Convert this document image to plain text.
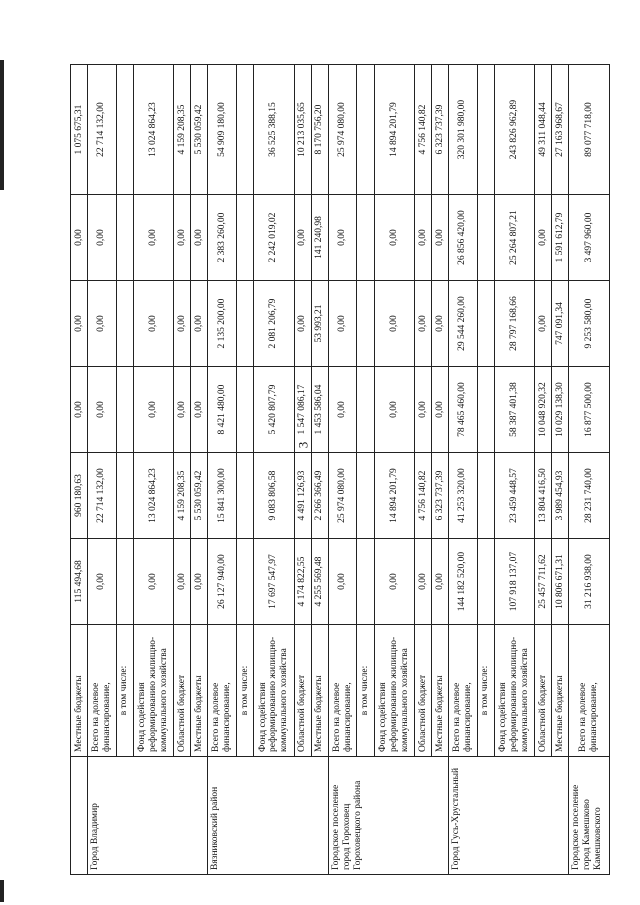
3
	Местные бюджеты	115 494,68	960 180,63	0,00	0,00	0,00	1 075 675,31
Город Владимир	Всего на долевое финансирование,	0,00	22 714 132,00	0,00	0,00	0,00	22 714 132,00
	в том числе:						
	Фонд содействия реформированию жилищно-коммунального хозяйства	0,00	13 024 864,23	0,00	0,00	0,00	13 024 864,23
	Областной бюджет	0,00	4 159 208,35	0,00	0,00	0,00	4 159 208,35
	Местные бюджеты	0,00	5 530 059,42	0,00	0,00	0,00	5 530 059,42
Вязниковский район	Всего на долевое финансирование,	26 127 940,00	15 841 300,00	8 421 480,00	2 135 200,00	2 383 260,00	54 909 180,00
	в том числе:						
	Фонд содействия реформированию жилищно-коммунального хозяйства	17 697 547,97	9 083 806,58	5 420 807,79	2 081 206,79	2 242 019,02	36 525 388,15
	Областной бюджет	4 174 822,55	4 491 126,93	1 547 086,17	0,00	0,00	10 213 035,65
	Местные бюджеты	4 255 569,48	2 266 366,49	1 453 586,04	53 993,21	141 240,98	8 170 756,20
Городское поселение город Гороховец Гороховецкого района	Всего на долевое финансирование,	0,00	25 974 080,00	0,00	0,00	0,00	25 974 080,00
	в том числе:						
	Фонд содействия реформированию жилищно-коммунального хозяйства	0,00	14 894 201,79	0,00	0,00	0,00	14 894 201,79
	Областной бюджет	0,00	4 756 140,82	0,00	0,00	0,00	4 756 140,82
	Местные бюджеты	0,00	6 323 737,39	0,00	0,00	0,00	6 323 737,39
Город Гусь-Хрустальный	Всего на долевое финансирование,	144 182 520,00	41 253 320,00	78 465 460,00	29 544 260,00	26 856 420,00	320 301 980,00
	в том числе:						
	Фонд содействия реформированию жилищно-коммунального хозяйства	107 918 137,07	23 459 448,57	58 387 401,38	28 797 168,66	25 264 807,21	243 826 962,89
	Областной бюджет	25 457 711,62	13 804 416,50	10 048 920,32	0,00	0,00	49 311 048,44
	Местные бюджеты	10 806 671,31	3 989 454,93	10 029 138,30	747 091,34	1 591 612,79	27 163 968,67
Городское поселение город Камешково Камешковского	Всего на долевое финансирование,	31 216 938,00	28 231 740,00	16 877 500,00	9 253 580,00	3 497 960,00	89 077 718,00
